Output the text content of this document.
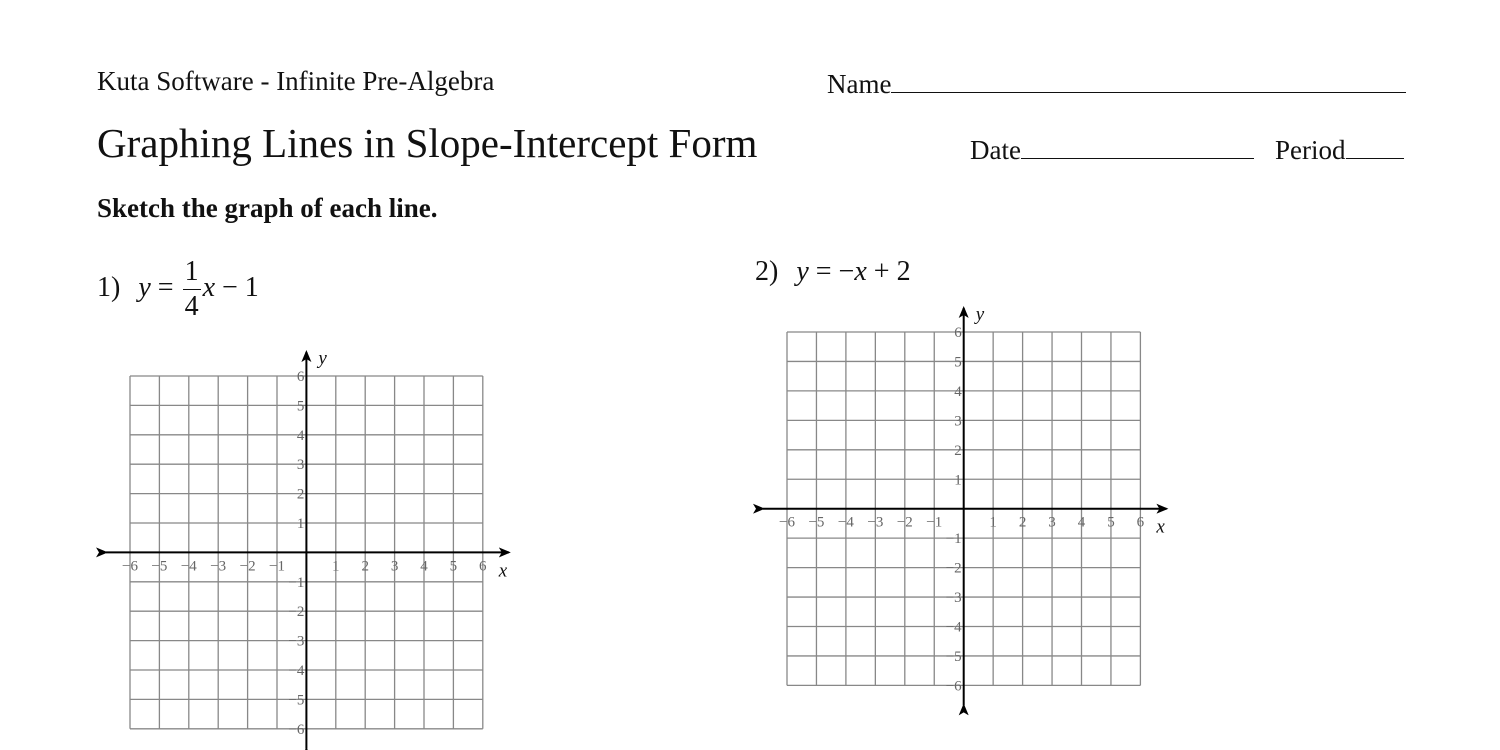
Kuta Software - Infinite Pre-Algebra
Graphing Lines in Slope-Intercept Form
Sketch the graph of each line.
Name
Date	Period
1) $y = \frac{1}{4}$ x − 1
2) y = −x + 2
x
y
−6 −5 −4 −3 −2 −1	1 2 3 4 5 6
6
5
4
3
2
1
−1
−2
−3
−4
−5
−6
x
y
−6 −5 −4 −3 −2 −1	1 2 3 4 5 6
6
5
4
3
2
1
−1
−2
−3
−4
−5
−6
